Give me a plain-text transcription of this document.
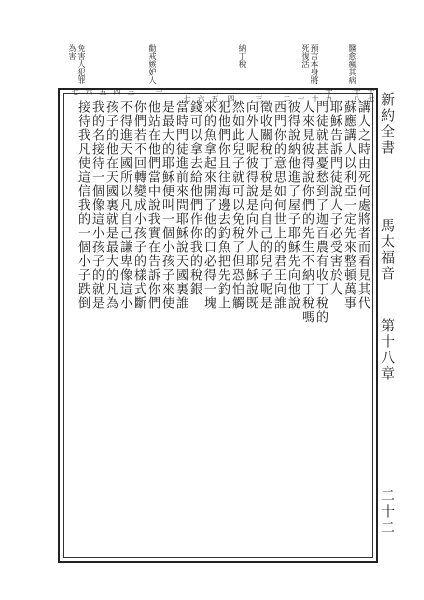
醫愈瘋其病
預言本身將死復活
納丁稅
勸戒嫉妒人
免害人犯罪為害
新約全書
馬太福音
第十八章
二十二
十七
十八
十九
二十
二一
二二
二三
二四
二五
二六
二七
一
二
三
四
五
六
七
講人之時由死何處將者而看見其代
蘇應講人以利亞一定先來整頓萬事
耶穌告訴門徒說人子必受害於人
門徒就甚憂愁到了迦百農有收丁稅的
人來見彼得說你們的先生不納丁稅嗎
彼得說納他進了屋子耶穌先向他說
西門你的意思如何世上的君王向誰
徵收關稅丁稅是向自己的兒子呢是
向外人呢彼得說是向外人耶穌說既
然如此兒子就可以免稅了但恐怕觸
犯他們你且往海邊去釣魚把先釣上
來的魚拿起來開了他的口必得一塊
錢可以拿去給他們作你我的稅銀
當時門徒進前來問耶穌說天國裏誰
是最大的耶穌便叫一個小孩子來使
他站在他們當中說我實在告訴你們
你們若不回轉變成小孩子的樣式斷
不得進天國所以凡自己謙卑像這小
孩子的他在天國裏就是最大的凡為
我的名接待一個像這小孩子的就是
接待我凡使這信我的一個小子跌倒
